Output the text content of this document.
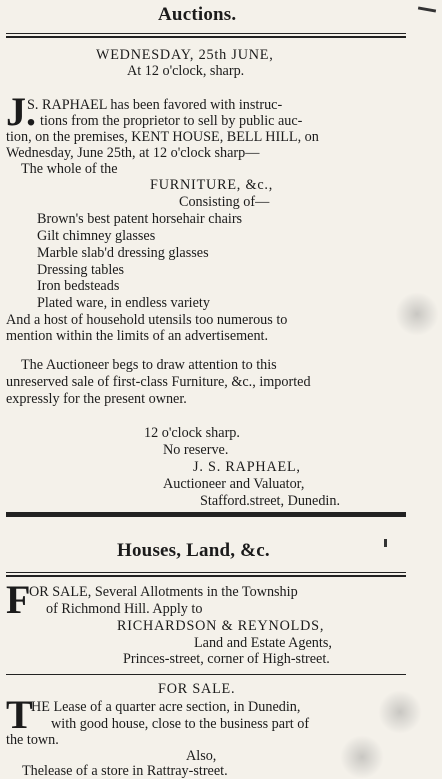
Auctions.
WEDNESDAY, 25th JUNE,
At 12 o'clock, sharp.
J.
S. RAPHAEL has been favored with instruc-
tions from the proprietor to sell by public auc-
tion, on the premises, KENT HOUSE, BELL HILL, on
Wednesday, June 25th, at 12 o'clock sharp—
The whole of the
FURNITURE, &c.,
Consisting of—
Brown's best patent horsehair chairs
Gilt chimney glasses
Marble slab'd dressing glasses
Dressing tables
Iron bedsteads
Plated ware, in endless variety
And a host of household utensils too numerous to
mention within the limits of an advertisement.
The Auctioneer begs to draw attention to this
unreserved sale of first-class Furniture, &c., imported
expressly for the present owner.
12 o'clock sharp.
No reserve.
J. S. RAPHAEL,
Auctioneer and Valuator,
Stafford.street, Dunedin.
Houses, Land, &c.
F
OR SALE, Several Allotments in the Township
of Richmond Hill. Apply to
RICHARDSON & REYNOLDS,
Land and Estate Agents,
Princes-street, corner of High-street.
FOR SALE.
T
HE Lease of a quarter acre section, in Dunedin,
with good house, close to the business part of
the town.
Also,
Thelease of a store in Rattray-street.
